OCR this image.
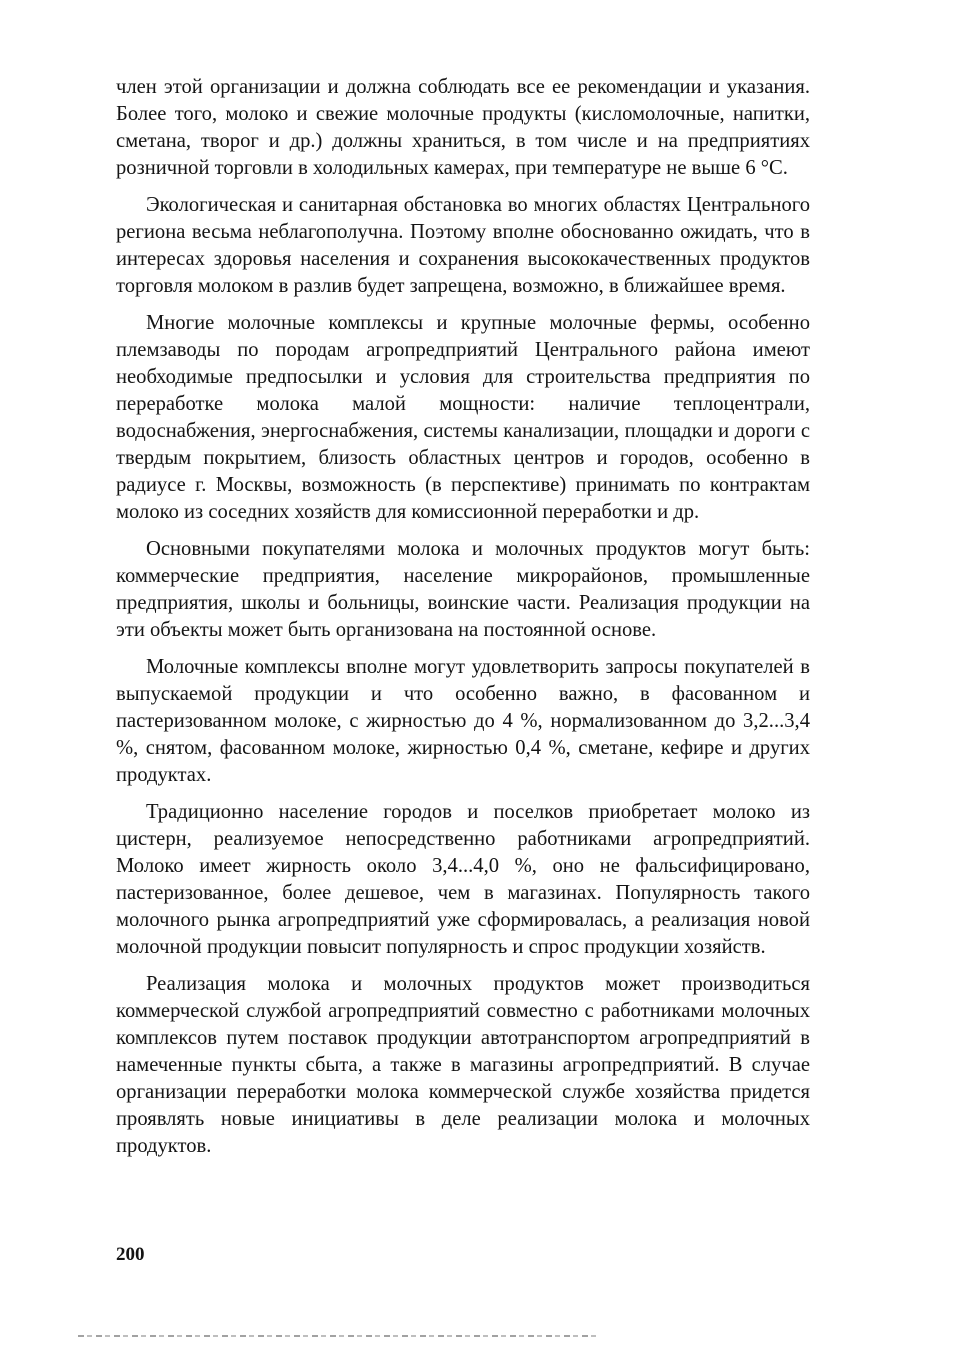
член этой организации и должна соблюдать все ее рекомендации и указания. Более того, молоко и свежие молочные продукты (кисломолочные, напитки, сметана, творог и др.) должны храниться, в том числе и на предприятиях розничной торговли в холодильных камерах, при температуре не выше 6 °С.

Экологическая и санитарная обстановка во многих областях Центрального региона весьма неблагополучна. Поэтому вполне обоснованно ожидать, что в интересах здоровья населения и сохранения высококачественных продуктов торговля молоком в разлив будет запрещена, возможно, в ближайшее время.

Многие молочные комплексы и крупные молочные фермы, особенно племзаводы по породам агропредприятий Центрального района имеют необходимые предпосылки и условия для строительства предприятия по переработке молока малой мощности: наличие теплоцентрали, водоснабжения, энергоснабжения, системы канализации, площадки и дороги с твердым покрытием, близость областных центров и городов, особенно в радиусе г. Москвы, возможность (в перспективе) принимать по контрактам молоко из соседних хозяйств для комиссионной переработки и др.

Основными покупателями молока и молочных продуктов могут быть: коммерческие предприятия, население микрорайонов, промышленные предприятия, школы и больницы, воинские части. Реализация продукции на эти объекты может быть организована на постоянной основе.

Молочные комплексы вполне могут удовлетворить запросы покупателей в выпускаемой продукции и что особенно важно, в фасованном и пастеризованном молоке, с жирностью до 4 %, нормализованном до 3,2...3,4 %, снятом, фасованном молоке, жирностью 0,4 %, сметане, кефире и других продуктах.

Традиционно население городов и поселков приобретает молоко из цистерн, реализуемое непосредственно работниками агропредприятий. Молоко имеет жирность около 3,4...4,0 %, оно не фальсифицировано, пастеризованное, более дешевое, чем в магазинах. Популярность такого молочного рынка агропредприятий уже сформировалась, а реализация новой молочной продукции повысит популярность и спрос продукции хозяйств.

Реализация молока и молочных продуктов может производиться коммерческой службой агропредприятий совместно с работниками молочных комплексов путем поставок продукции автотранспортом агропредприятий в намеченные пункты сбыта, а также в магазины агропредприятий. В случае организации переработки молока коммерческой службе хозяйства придется проявлять новые инициативы в деле реализации молока и молочных продуктов.

200
